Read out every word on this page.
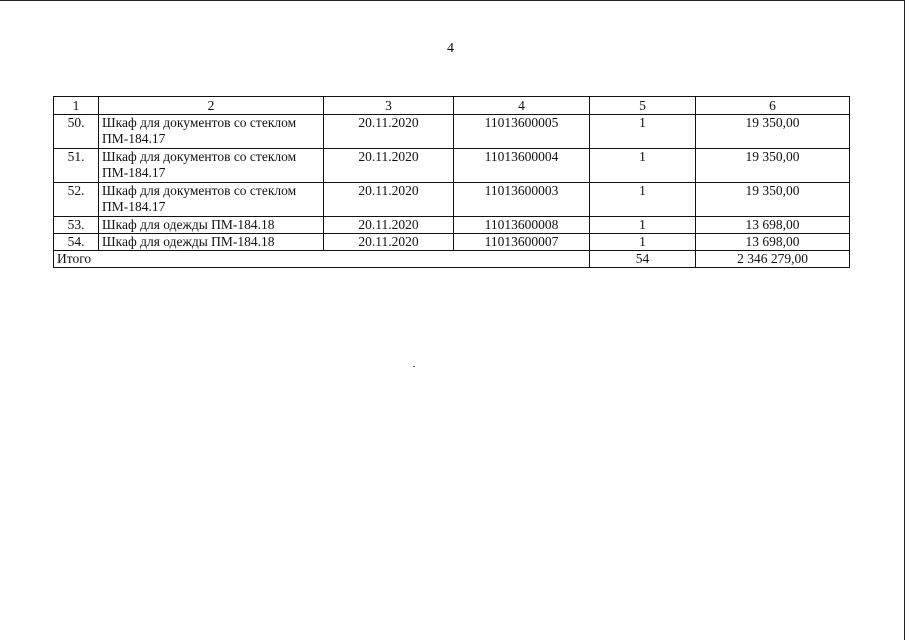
4
1	2	3	4	5	6
50.	Шкаф для документов со стеклом ПМ-184.17	20.11.2020	11013600005	1	19 350,00
51.	Шкаф для документов со стеклом ПМ-184.17	20.11.2020	11013600004	1	19 350,00
52.	Шкаф для документов со стеклом ПМ-184.17	20.11.2020	11013600003	1	19 350,00
53.	Шкаф для одежды ПМ-184.18	20.11.2020	11013600008	1	13 698,00
54.	Шкаф для одежды ПМ-184.18	20.11.2020	11013600007	1	13 698,00
Итого				54	2 346 279,00
